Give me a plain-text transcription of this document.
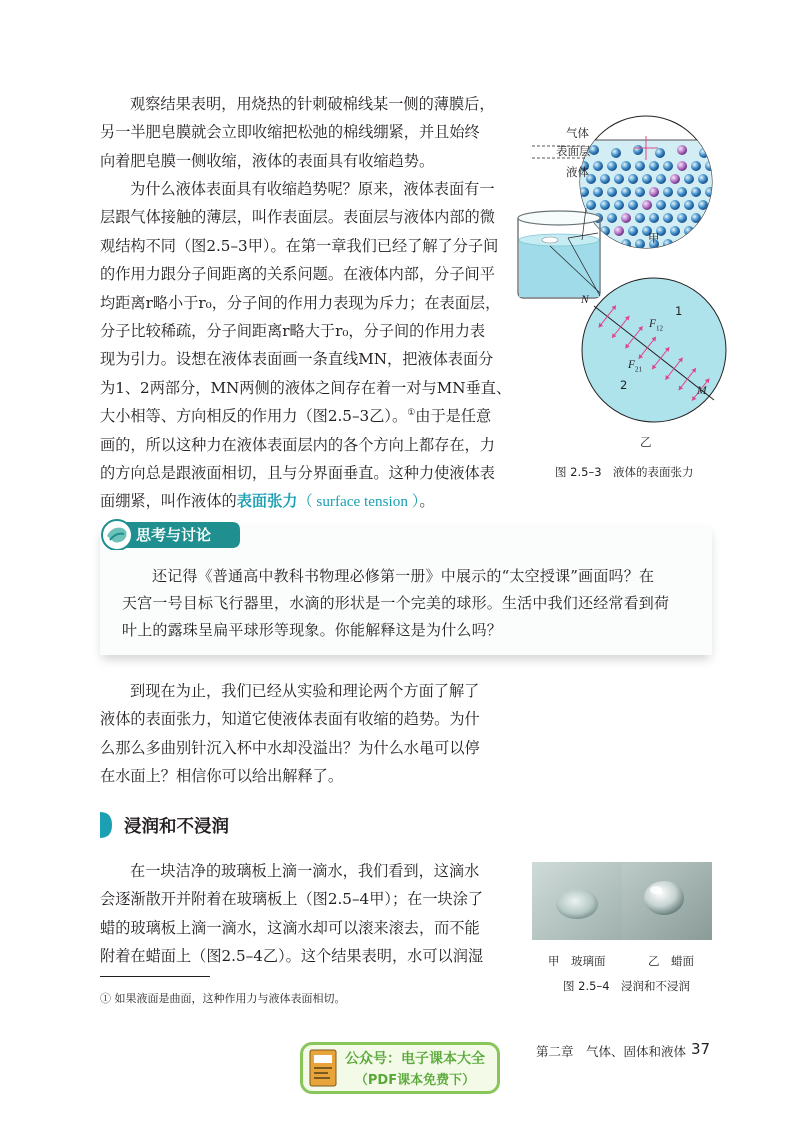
观察结果表明，用烧热的针刺破棉线某一侧的薄膜后，
另一半肥皂膜就会立即收缩把松弛的棉线绷紧，并且始终
向着肥皂膜一侧收缩，液体的表面具有收缩趋势。
为什么液体表面具有收缩趋势呢？原来，液体表面有一
层跟气体接触的薄层，叫作表面层。表面层与液体内部的微
观结构不同（图2.5–3甲）。在第一章我们已经了解了分子间
的作用力跟分子间距离的关系问题。在液体内部，分子间平
均距离r略小于r₀，分子间的作用力表现为斥力；在表面层，
分子比较稀疏，分子间距离r略大于r₀，分子间的作用力表
现为引力。设想在液体表面画一条直线MN，把液体表面分
为1、2两部分，MN两侧的液体之间存在着一对与MN垂直、
大小相等、方向相反的作用力（图2.5–3乙）。①由于是任意
画的，所以这种力在液体表面层内的各个方向上都存在，力
的方向总是跟液面相切，且与分界面垂直。这种力使液体表
面绷紧，叫作液体的表面张力（ surface tension ）。
气体
表面层
液体
甲
N
1
$F_{12}$
$F_{21}$
2	M
乙
图 2.5–3　液体的表面张力
还记得《普通高中教科书物理必修第一册》中展示的“太空授课”画面吗？在
天宫一号目标飞行器里，水滴的形状是一个完美的球形。生活中我们还经常看到荷
叶上的露珠呈扁平球形等现象。你能解释这是为什么吗？
思考与讨论
到现在为止，我们已经从实验和理论两个方面了解了
液体的表面张力，知道它使液体表面有收缩的趋势。为什
么那么多曲别针沉入杯中水却没溢出？为什么水黾可以停
在水面上？相信你可以给出解释了。
浸润和不浸润
在一块洁净的玻璃板上滴一滴水，我们看到，这滴水
会逐渐散开并附着在玻璃板上（图2.5–4甲）；在一块涂了
蜡的玻璃板上滴一滴水，这滴水却可以滚来滚去，而不能
附着在蜡面上（图2.5–4乙）。这个结果表明，水可以润湿	甲　玻璃面	乙　蜡面
图 2.5–4　浸润和不浸润
① 如果液面是曲面，这种作用力与液体表面相切。
公众号：电子课本大全
（PDF课本免费下）
第二章　气体、固体和液体 37
